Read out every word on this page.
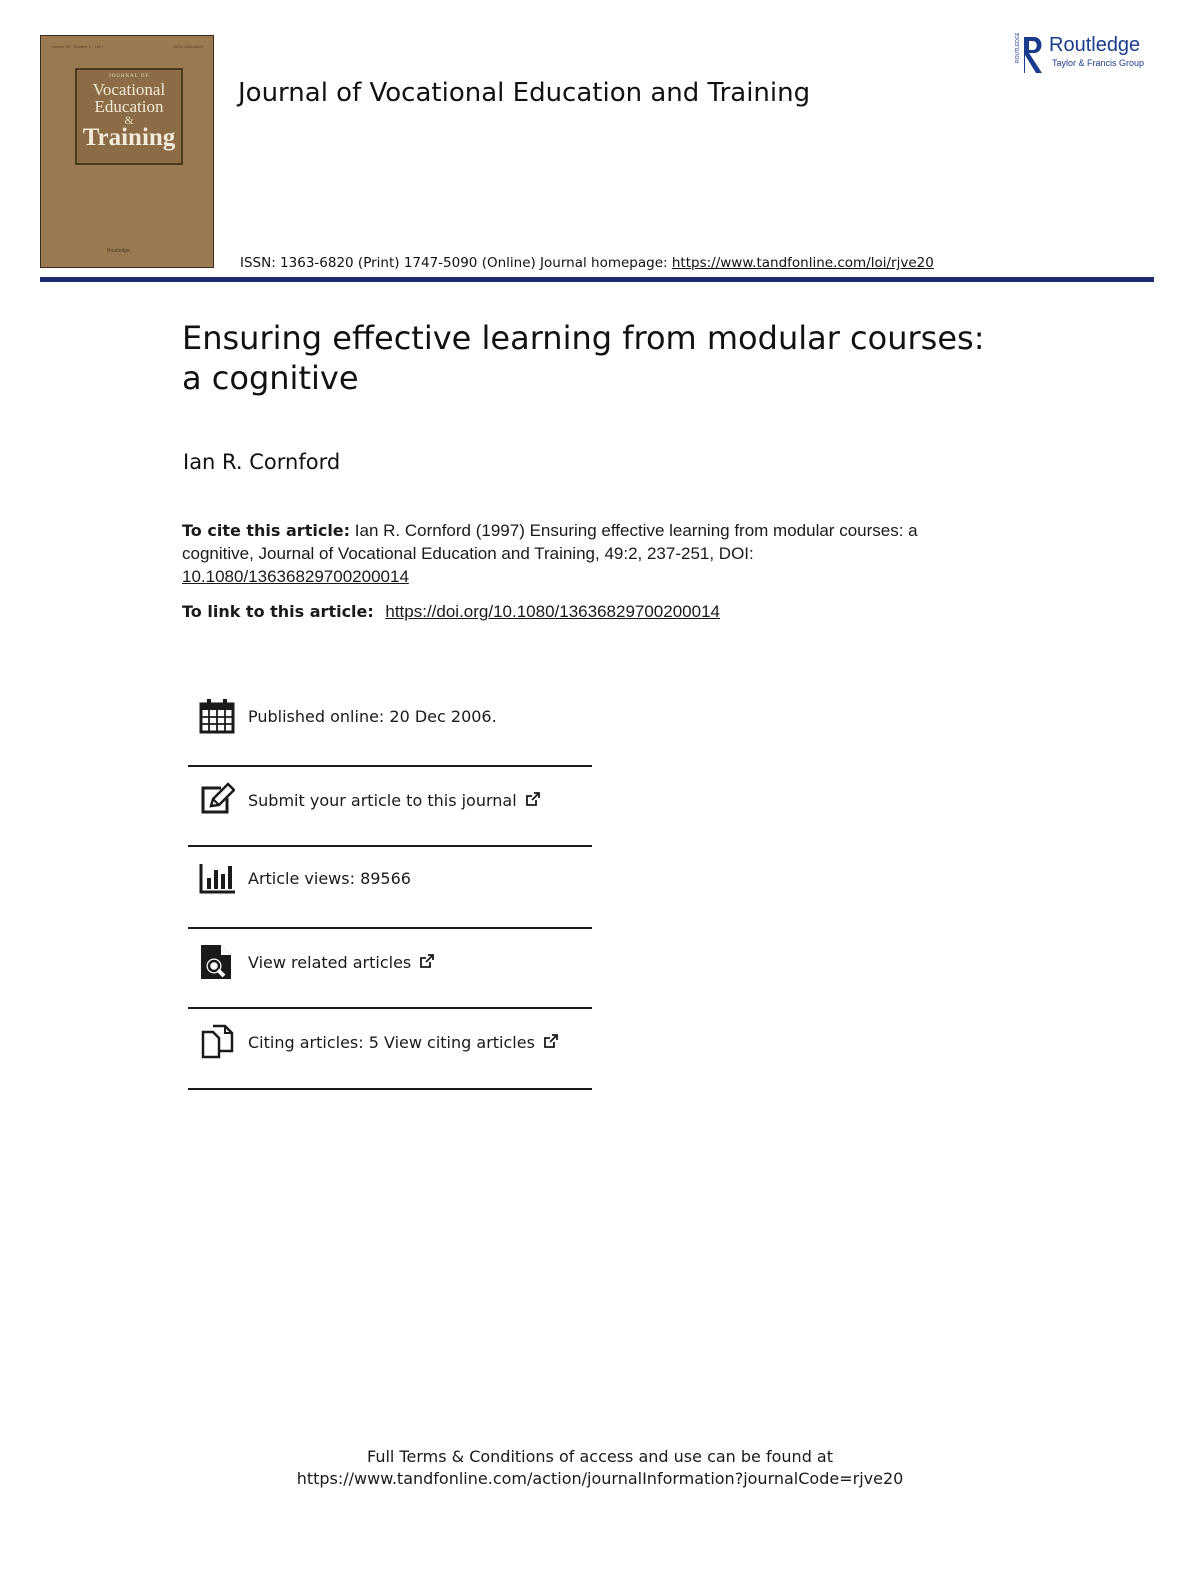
Volume 49 · Number 2 · 1997	ISSN 1363-6820
JOURNAL OF
Vocational
Education
&
Training
Routledge
Journal of Vocational Education and Training
ISSN: 1363-6820 (Print) 1747-5090 (Online) Journal homepage: https://www.tandfonline.com/loi/rjve20
ROUTLEDGE Routledge
Taylor & Francis Group
Ensuring effective learning from modular courses:
a cognitive
Ian R. Cornford
To cite this article: Ian R. Cornford (1997) Ensuring effective learning from modular courses: a cognitive, Journal of Vocational Education and Training, 49:2, 237-251, DOI:
10.1080/13636829700200014
To link to this article: https://doi.org/10.1080/13636829700200014
Published online: 20 Dec 2006.
Submit your article to this journal
Article views: 89566
View related articles
Citing articles: 5 View citing articles
Full Terms & Conditions of access and use can be found at
https://www.tandfonline.com/action/journalInformation?journalCode=rjve20
